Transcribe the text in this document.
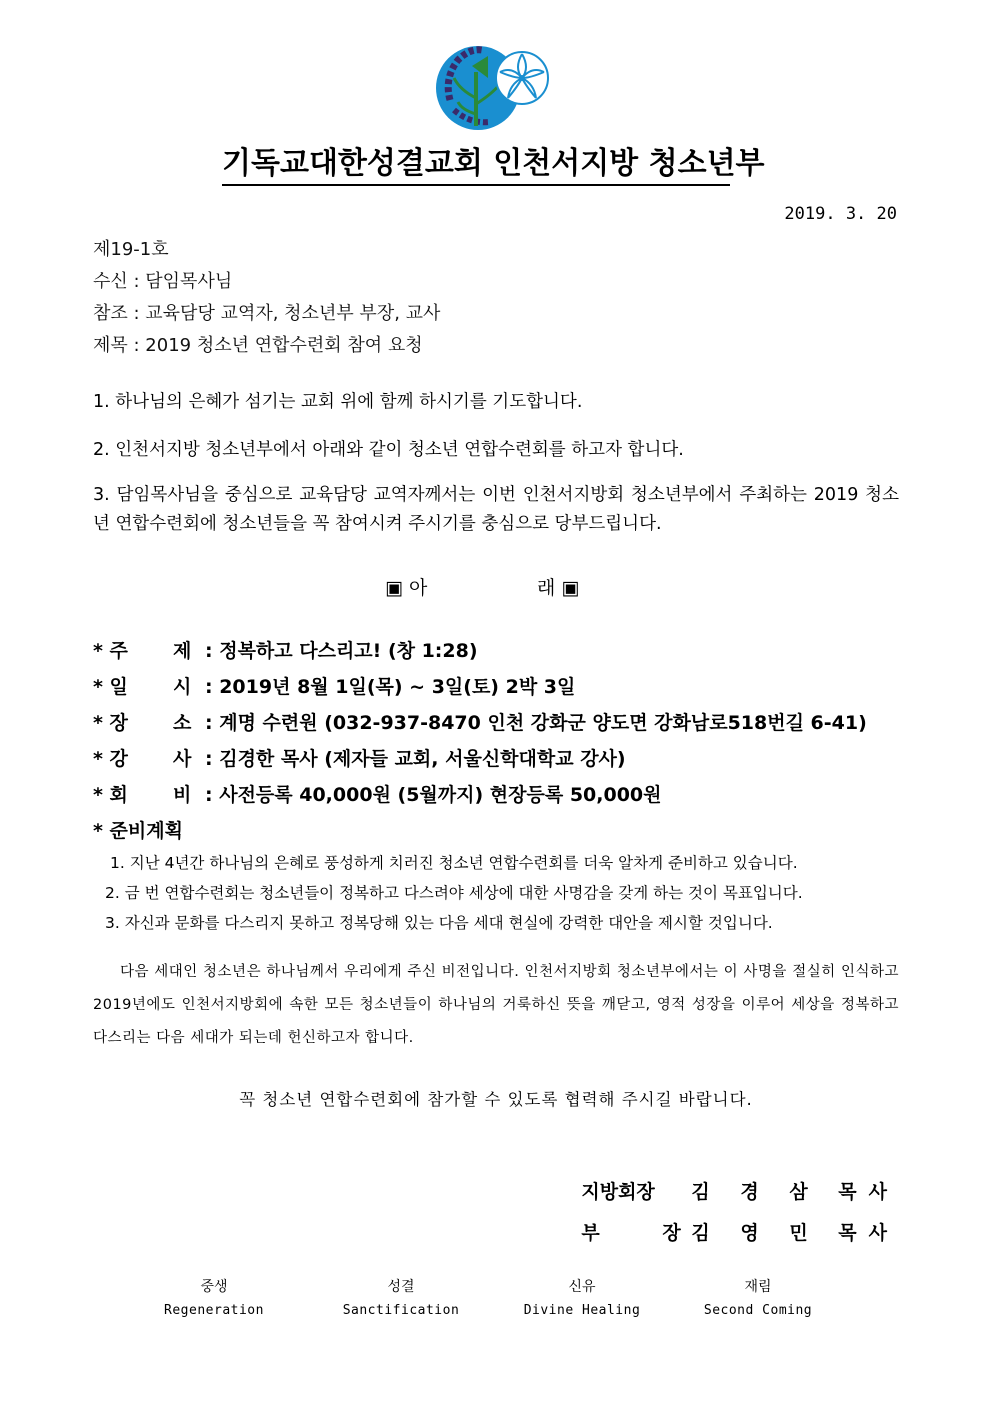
기독교대한성결교회 인천서지방 청소년부
2019. 3. 20
제19-1호
수신 : 담임목사님
참조 : 교육담당 교역자, 청소년부 부장, 교사
제목 : 2019 청소년 연합수련회 참여 요청
1. 하나님의 은혜가 섬기는 교회 위에 함께 하시기를 기도합니다.
2. 인천서지방 청소년부에서 아래와 같이 청소년 연합수련회를 하고자 합니다.
3. 담임목사님을 중심으로 교육담당 교역자께서는 이번 인천서지방회 청소년부에서 주최하는 2019 청소년 연합수련회에 청소년들을 꼭 참여시켜 주시기를 충심으로 당부드립니다.
▣ 아	래 ▣
* 주 제 : 정복하고 다스리고! (창 1:28)
* 일 시 : 2019년 8월 1일(목) ~ 3일(토) 2박 3일
* 장 소 : 계명 수련원 (032-937-8470 인천 강화군 양도면 강화남로518번길 6-41)
* 강 사 : 김경한 목사 (제자들 교회, 서울신학대학교 강사)
* 회 비 : 사전등록 40,000원 (5월까지) 현장등록 50,000원
* 준비계획
1. 지난 4년간 하나님의 은혜로 풍성하게 치러진 청소년 연합수련회를 더욱 알차게 준비하고 있습니다.
2. 금 번 연합수련회는 청소년들이 정복하고 다스려야 세상에 대한 사명감을 갖게 하는 것이 목표입니다.
3. 자신과 문화를 다스리지 못하고 정복당해 있는 다음 세대 현실에 강력한 대안을 제시할 것입니다.
다음 세대인 청소년은 하나님께서 우리에게 주신 비전입니다. 인천서지방회 청소년부에서는 이 사명을 절실히 인식하고 2019년에도 인천서지방회에 속한 모든 청소년들이 하나님의 거룩하신 뜻을 깨닫고, 영적 성장을 이루어 세상을 정복하고 다스리는 다음 세대가 되는데 헌신하고자 합니다.
꼭 청소년 연합수련회에 참가할 수 있도록 협력해 주시길 바랍니다.
지방회장 김 경 삼 목사
부 장김 영 민 목사
중생
Regeneration
성결
Sanctification
신유
Divine Healing
재림
Second Coming
